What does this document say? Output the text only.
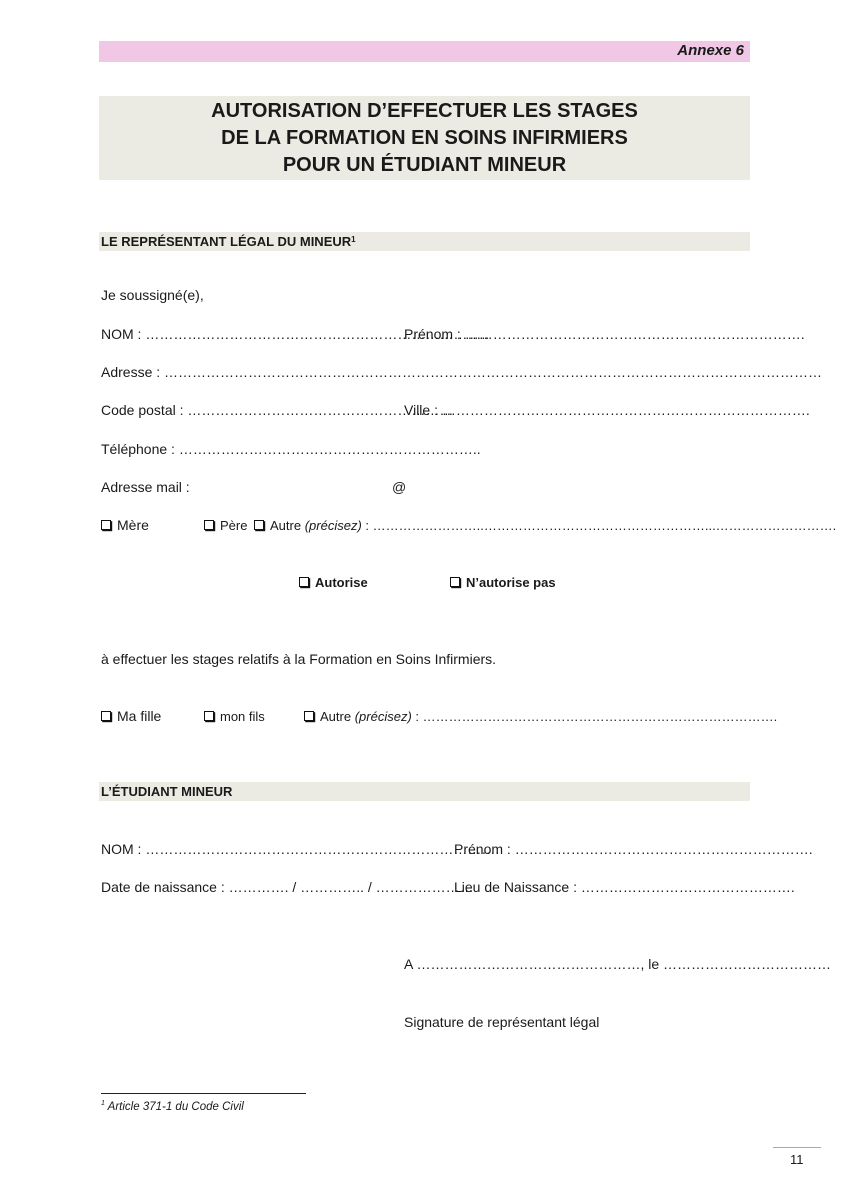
Annexe 6
AUTORISATION D’EFFECTUER LES STAGES
DE LA FORMATION EN SOINS INFIRMIERS
POUR UN ÉTUDIANT MINEUR
LE REPRÉSENTANT LÉGAL DU MINEUR$^1$
Je soussigné(e),
NOM : ………………………………………………………………..
Prénom : ……………………………………………………………….
Adresse : ……………………………………………………………………………………………………………………………
Code postal : …………………………………………………
Ville : …………………………………………………………………….
Téléphone : ………………………………………………………..
Adresse mail :	@
Mère	Père	Autre (précisez) : ……………………..……………………………………………...……………………….
Autorise	N’autorise pas
à effectuer les stages relatifs à la Formation en Soins Infirmiers.
Ma fille	mon fils	Autre (précisez) : ……………………………………………………………………….
L’ÉTUDIANT MINEUR
NOM : ………………………………………………………………….
Prénom : ……………………………………………………….
Date de naissance : …………. / ………….. / …………………
Lieu de Naissance : ……………………………………….
A …………………………………………, le ………………………………
Signature de représentant légal
$^1$ Article 371-1 du Code Civil
11
